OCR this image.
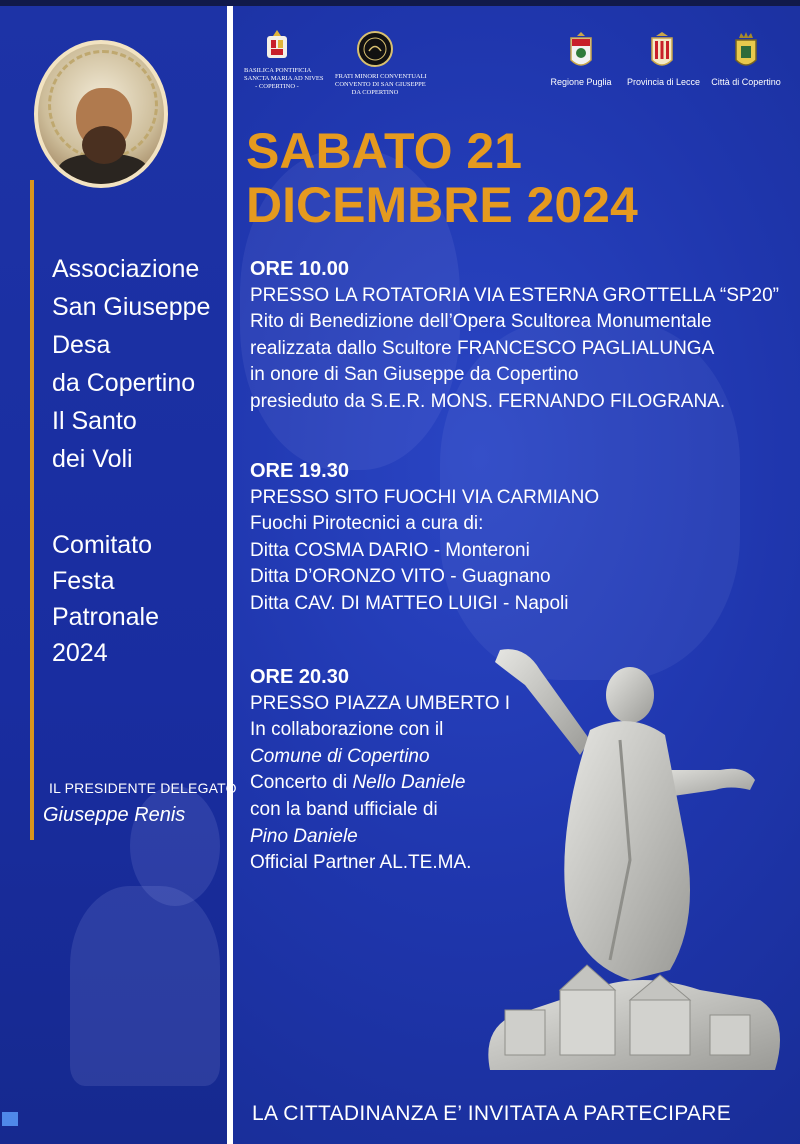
Associazione
San Giuseppe
Desa
da Copertino
Il Santo
dei Voli
Comitato
Festa
Patronale
2024
IL PRESIDENTE DELEGATO
Giuseppe Renis
BASILICA PONTIFICIA
SANCTA MARIA AD NIVES
- COPERTINO -
FRATI MINORI CONVENTUALI
CONVENTO DI SAN GIUSEPPE
DA COPERTINO
Regione Puglia Provincia di Lecce	Città di Copertino
SABATO 21
DICEMBRE 2024
ORE 10.00
PRESSO LA ROTATORIA VIA ESTERNA GROTTELLA “SP20”
Rito di Benedizione dell’Opera Scultorea Monumentale
realizzata dallo Scultore FRANCESCO PAGLIALUNGA
in onore di San Giuseppe da Copertino
presieduto da S.E.R. MONS. FERNANDO FILOGRANA.
ORE 19.30
PRESSO SITO FUOCHI VIA CARMIANO
Fuochi Pirotecnici a cura di:
Ditta COSMA DARIO - Monteroni
Ditta D’ORONZO VITO - Guagnano
Ditta CAV. DI MATTEO LUIGI - Napoli
ORE 20.30
PRESSO PIAZZA UMBERTO I
In collaborazione con il
Comune di Copertino
Concerto di Nello Daniele
con la band ufficiale di
Pino Daniele
Official Partner AL.TE.MA.
LA CITTADINANZA E’ INVITATA A PARTECIPARE
